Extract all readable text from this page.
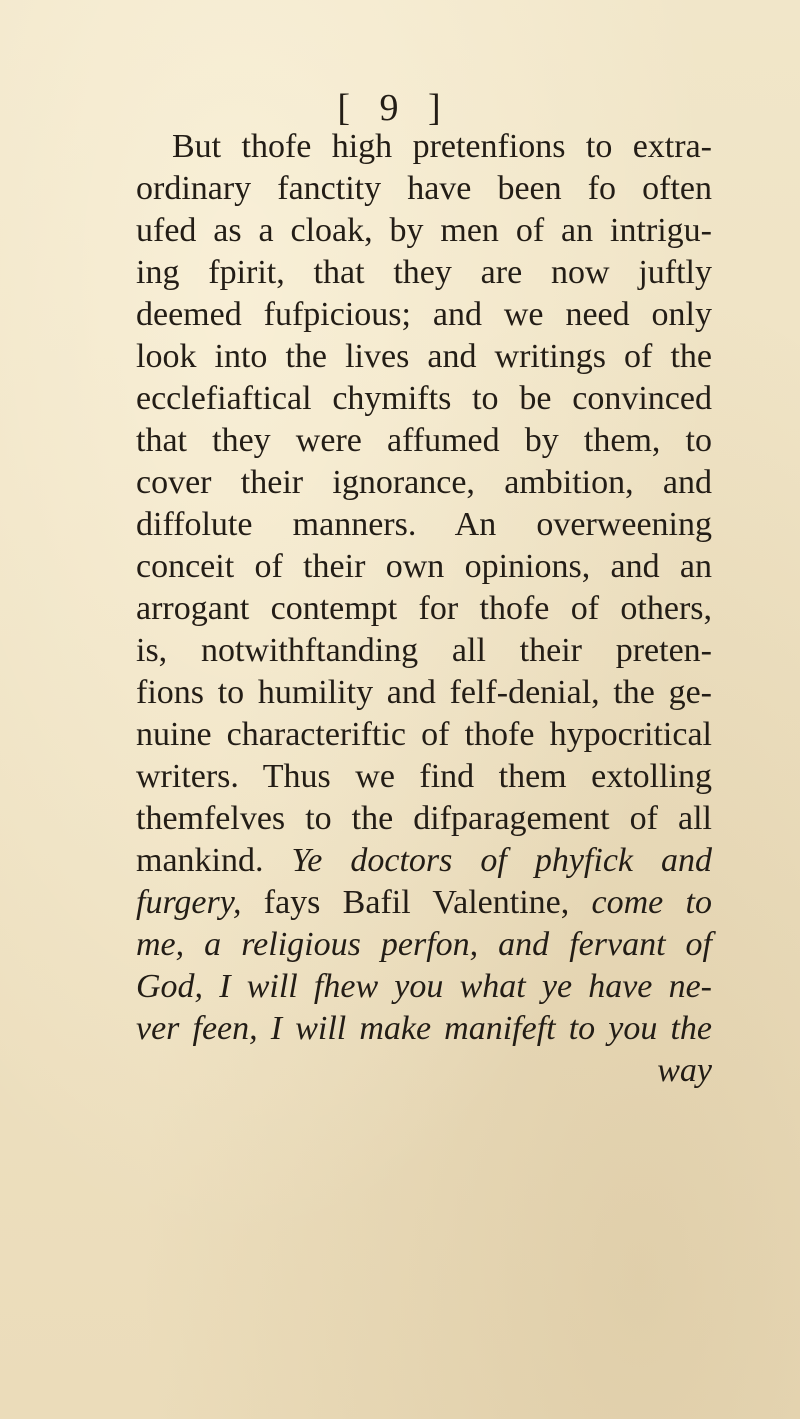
[ 9 ]
But thofe high pretenfions to extra-
ordinary fanctity have been fo often
ufed as a cloak, by men of an intrigu-
ing fpirit, that they are now juftly
deemed fufpicious; and we need only
look into the lives and writings of the
ecclefiaftical chymifts to be convinced
that they were affumed by them, to
cover their ignorance, ambition, and
diffolute manners. An overweening
conceit of their own opinions, and an
arrogant contempt for thofe of others,
is, notwithftanding all their preten-
fions to humility and felf-denial, the ge-
nuine characteriftic of thofe hypocritical
writers. Thus we find them extolling
themfelves to the difparagement of all
mankind. Ye doctors of phyfick and
furgery, fays Bafil Valentine, come to
me, a religious perfon, and fervant of
God, I will fhew you what ye have ne-
ver feen, I will make manifeft to you the
way
